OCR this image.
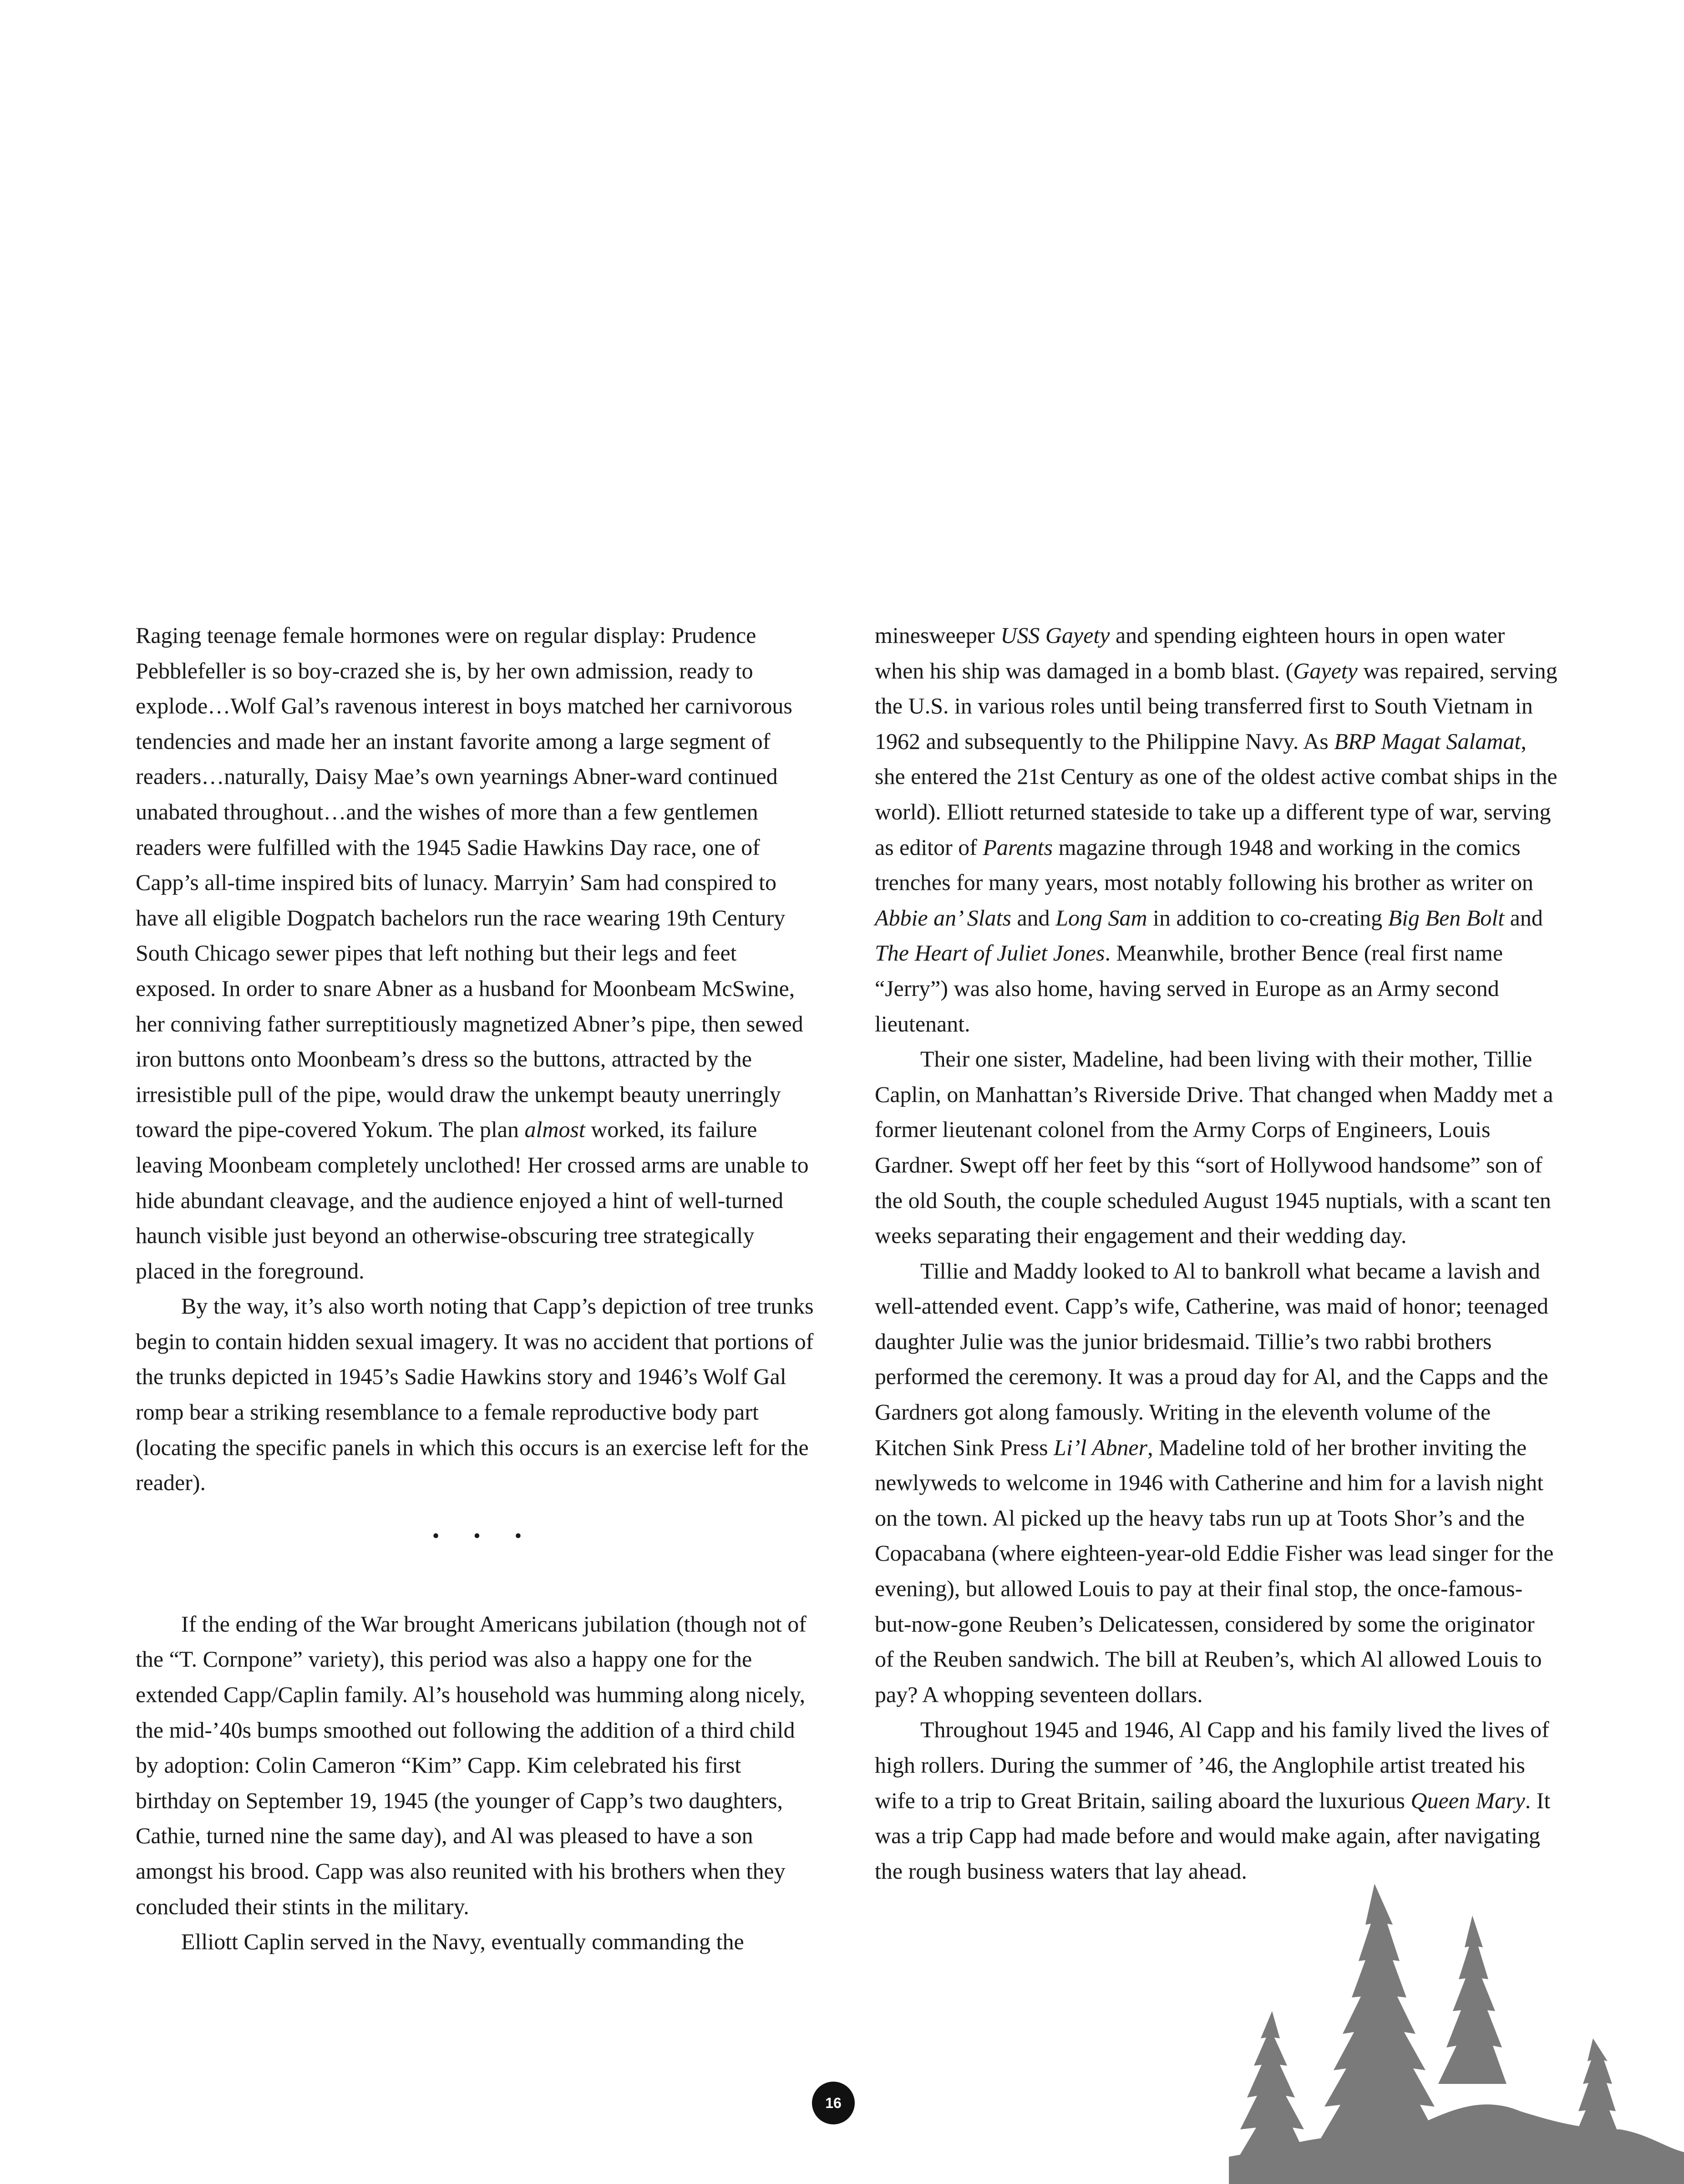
Raging teenage female hormones were on regular display: Prudence Pebblefeller is so boy-crazed she is, by her own admission, ready to explode…Wolf Gal’s ravenous interest in boys matched her carnivorous tendencies and made her an instant favorite among a large segment of readers…naturally, Daisy Mae’s own yearnings Abner-ward continued unabated throughout…and the wishes of more than a few gentlemen readers were fulfilled with the 1945 Sadie Hawkins Day race, one of Capp’s all-time inspired bits of lunacy. Marryin’ Sam had conspired to have all eligible Dogpatch bachelors run the race wearing 19th Century South Chicago sewer pipes that left nothing but their legs and feet exposed. In order to snare Abner as a husband for Moonbeam McSwine, her conniving father surreptitiously magnetized Abner’s pipe, then sewed iron buttons onto Moonbeam’s dress so the buttons, attracted by the irresistible pull of the pipe, would draw the unkempt beauty unerringly toward the pipe-covered Yokum. The plan almost worked, its failure leaving Moonbeam completely unclothed! Her crossed arms are unable to hide abundant cleavage, and the audience enjoyed a hint of well-turned haunch visible just beyond an otherwise-obscuring tree strategically placed in the foreground.

By the way, it’s also worth noting that Capp’s depiction of tree trunks begin to contain hidden sexual imagery. It was no accident that portions of the trunks depicted in 1945’s Sadie Hawkins story and 1946’s Wolf Gal romp bear a striking resemblance to a female reproductive body part (locating the specific panels in which this occurs is an exercise left for the reader).

• • •

If the ending of the War brought Americans jubilation (though not of the “T. Cornpone” variety), this period was also a happy one for the extended Capp/Caplin family. Al’s household was humming along nicely, the mid-’40s bumps smoothed out following the addition of a third child by adoption: Colin Cameron “Kim” Capp. Kim celebrated his first birthday on September 19, 1945 (the younger of Capp’s two daughters, Cathie, turned nine the same day), and Al was pleased to have a son amongst his brood. Capp was also reunited with his brothers when they concluded their stints in the military.

Elliott Caplin served in the Navy, eventually commanding the

minesweeper USS Gayety and spending eighteen hours in open water when his ship was damaged in a bomb blast. (Gayety was repaired, serving the U.S. in various roles until being transferred first to South Vietnam in 1962 and subsequently to the Philippine Navy. As BRP Magat Salamat, she entered the 21st Century as one of the oldest active combat ships in the world). Elliott returned stateside to take up a different type of war, serving as editor of Parents magazine through 1948 and working in the comics trenches for many years, most notably following his brother as writer on Abbie an’ Slats and Long Sam in addition to co-creating Big Ben Bolt and The Heart of Juliet Jones. Meanwhile, brother Bence (real first name “Jerry”) was also home, having served in Europe as an Army second lieutenant.

Their one sister, Madeline, had been living with their mother, Tillie Caplin, on Manhattan’s Riverside Drive. That changed when Maddy met a former lieutenant colonel from the Army Corps of Engineers, Louis Gardner. Swept off her feet by this “sort of Hollywood handsome” son of the old South, the couple scheduled August 1945 nuptials, with a scant ten weeks separating their engagement and their wedding day.

Tillie and Maddy looked to Al to bankroll what became a lavish and well-attended event. Capp’s wife, Catherine, was maid of honor; teenaged daughter Julie was the junior bridesmaid. Tillie’s two rabbi brothers performed the ceremony. It was a proud day for Al, and the Capps and the Gardners got along famously. Writing in the eleventh volume of the Kitchen Sink Press Li’l Abner, Madeline told of her brother inviting the newlyweds to welcome in 1946 with Catherine and him for a lavish night on the town. Al picked up the heavy tabs run up at Toots Shor’s and the Copacabana (where eighteen-year-old Eddie Fisher was lead singer for the evening), but allowed Louis to pay at their final stop, the once-famous-but-now-gone Reuben’s Delicatessen, considered by some the originator of the Reuben sandwich. The bill at Reuben’s, which Al allowed Louis to pay? A whopping seventeen dollars.

Throughout 1945 and 1946, Al Capp and his family lived the lives of high rollers. During the summer of ’46, the Anglophile artist treated his wife to a trip to Great Britain, sailing aboard the luxurious Queen Mary. It was a trip Capp had made before and would make again, after navigating the rough business waters that lay ahead.

16
